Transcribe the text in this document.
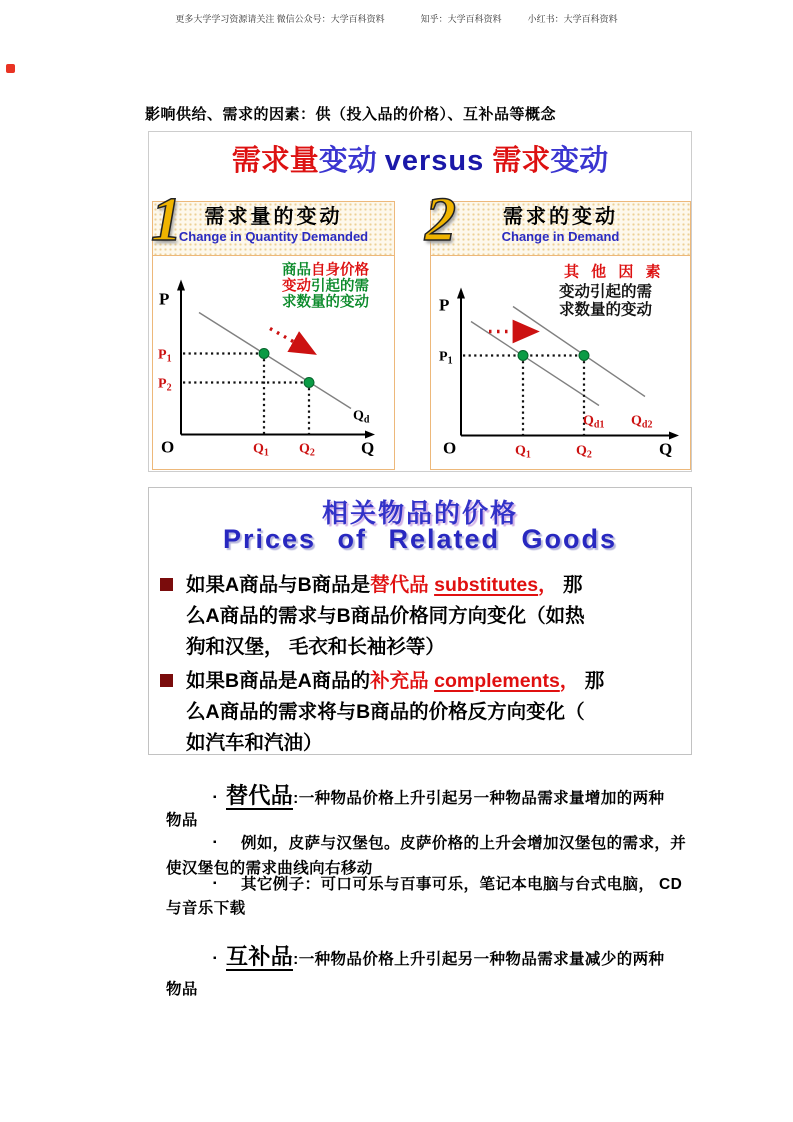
更多大学学习资源请关注 微信公众号：大学百科资料	知乎：大学百科资料	小红书：大学百科资料
影响供给、需求的因素：供（投入品的价格）、互补品等概念
需求量变动 versus 需求变动
1	需求量的变动
Change in Quantity Demanded
商品自身价格
变动引起的需
求数量的变动
P
O	Q
$P_1$
$P_2$
$Q_1$ $Q_2$
$Q_d$
2	需求的变动
Change in Demand
其 他 因 素
变动引起的需
求数量的变动
P
O	Q
$P_1$
$Q_1$	$Q_2$
$Q_{d1}$ $Q_{d2}$
相关物品的价格
Prices of Related Goods
如果A商品与B商品是替代品 substitutes， 那
么A商品的需求与B商品价格同方向变化（如热
狗和汉堡， 毛衣和长袖衫等）
如果B商品是A商品的补充品 complements， 那
么A商品的需求将与B商品的价格反方向变化（
如汽车和汽油）
▪ 替代品:一种物品价格上升引起另一种物品需求量增加的两种
物品
▪ 例如，皮萨与汉堡包。皮萨价格的上升会增加汉堡包的需求，并
使汉堡包的需求曲线向右移动
▪ 其它例子：可口可乐与百事可乐，笔记本电脑与台式电脑， CD
与音乐下载
▪ 互补品:一种物品价格上升引起另一种物品需求量减少的两种
物品
